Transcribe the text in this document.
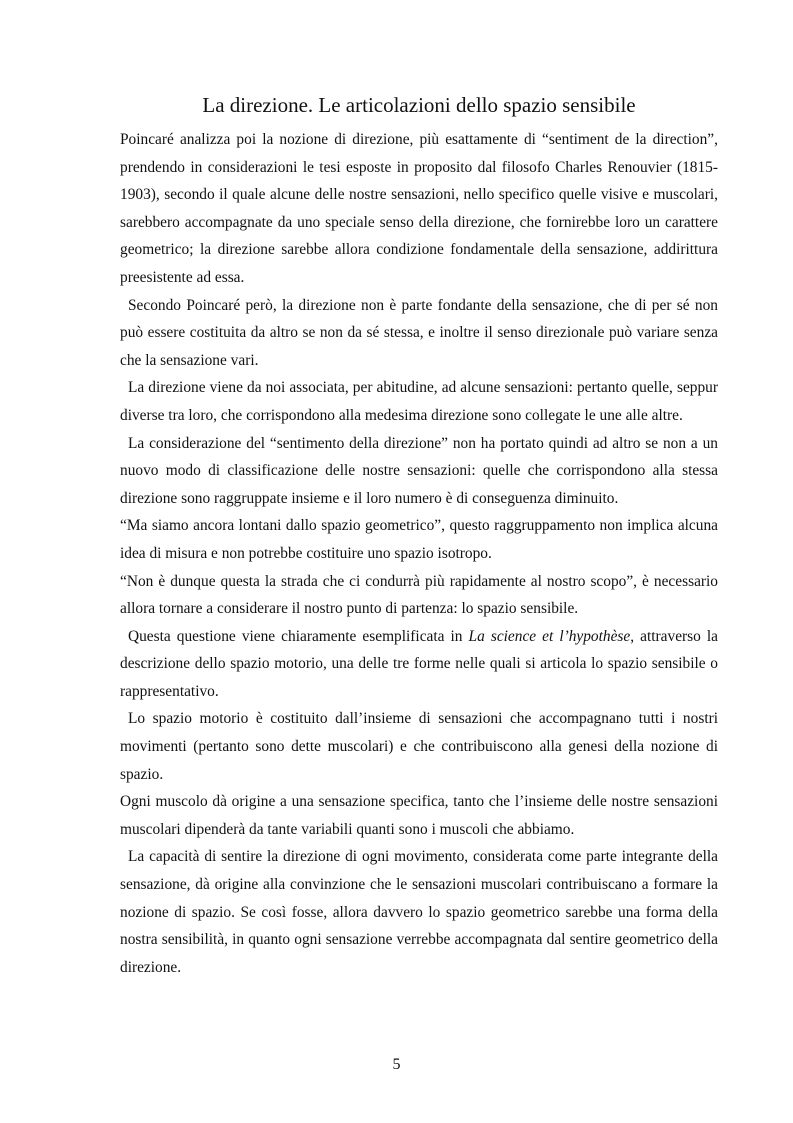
La direzione. Le articolazioni dello spazio sensibile

Poincaré analizza poi la nozione di direzione, più esattamente di “sentiment de la direction”, prendendo in considerazioni le tesi esposte in proposito dal filosofo Charles Renouvier (1815-1903), secondo il quale alcune delle nostre sensazioni, nello specifico quelle visive e muscolari, sarebbero accompagnate da uno speciale senso della direzione, che fornirebbe loro un carattere geometrico; la direzione sarebbe allora condizione fondamentale della sensazione, addirittura preesistente ad essa.

Secondo Poincaré però, la direzione non è parte fondante della sensazione, che di per sé non può essere costituita da altro se non da sé stessa, e inoltre il senso direzionale può variare senza che la sensazione vari.

La direzione viene da noi associata, per abitudine, ad alcune sensazioni: pertanto quelle, seppur diverse tra loro, che corrispondono alla medesima direzione sono collegate le une alle altre.

La considerazione del “sentimento della direzione” non ha portato quindi ad altro se non a un nuovo modo di classificazione delle nostre sensazioni: quelle che corrispondono alla stessa direzione sono raggruppate insieme e il loro numero è di conseguenza diminuito.

“Ma siamo ancora lontani dallo spazio geometrico”, questo raggruppamento non implica alcuna idea di misura e non potrebbe costituire uno spazio isotropo.

“Non è dunque questa la strada che ci condurrà più rapidamente al nostro scopo”, è necessario allora tornare a considerare il nostro punto di partenza: lo spazio sensibile.

Questa questione viene chiaramente esemplificata in La science et l’hypothèse, attraverso la descrizione dello spazio motorio, una delle tre forme nelle quali si articola lo spazio sensibile o rappresentativo.

Lo spazio motorio è costituito dall’insieme di sensazioni che accompagnano tutti i nostri movimenti (pertanto sono dette muscolari) e che contribuiscono alla genesi della nozione di spazio.

Ogni muscolo dà origine a una sensazione specifica, tanto che l’insieme delle nostre sensazioni muscolari dipenderà da tante variabili quanti sono i muscoli che abbiamo.

La capacità di sentire la direzione di ogni movimento, considerata come parte integrante della sensazione, dà origine alla convinzione che le sensazioni muscolari contribuiscano a formare la nozione di spazio. Se così fosse, allora davvero lo spazio geometrico sarebbe una forma della nostra sensibilità, in quanto ogni sensazione verrebbe accompagnata dal sentire geometrico della direzione.

5
